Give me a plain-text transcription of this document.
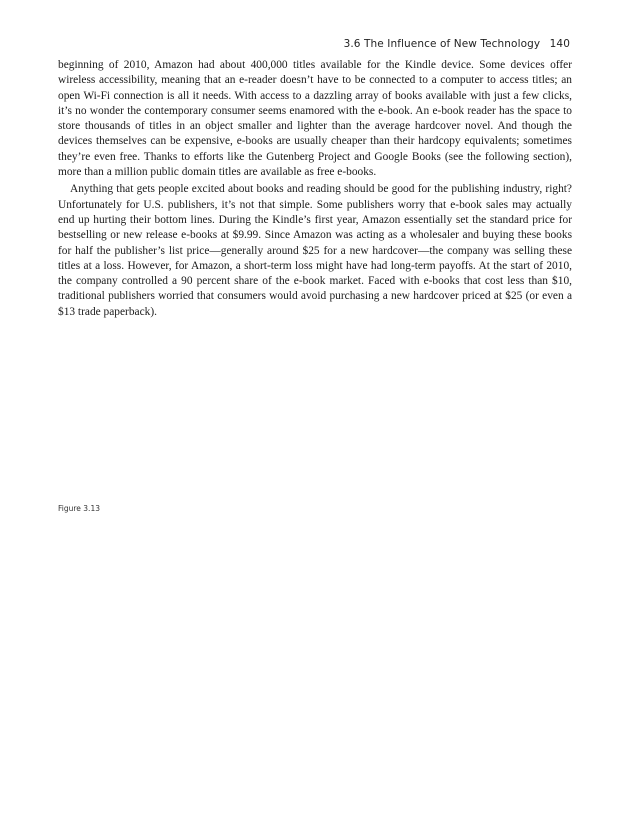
3.6 The Influence of New Technology 140

beginning of 2010, Amazon had about 400,000 titles available for the Kindle device. Some devices offer wireless accessibility, meaning that an e-reader doesn’t have to be connected to a computer to access titles; an open Wi-Fi connection is all it needs. With access to a dazzling array of books available with just a few clicks, it’s no wonder the contemporary consumer seems enamored with the e-book. An e-book reader has the space to store thousands of titles in an object smaller and lighter than the average hardcover novel. And though the devices themselves can be expensive, e-books are usually cheaper than their hardcopy equivalents; sometimes they’re even free. Thanks to efforts like the Gutenberg Project and Google Books (see the following section), more than a million public domain titles are available as free e-books.

Anything that gets people excited about books and reading should be good for the publishing industry, right? Unfortunately for U.S. publishers, it’s not that simple. Some publishers worry that e-book sales may actually end up hurting their bottom lines. During the Kindle’s first year, Amazon essentially set the standard price for bestselling or new release e-books at $9.99. Since Amazon was acting as a wholesaler and buying these books for half the publisher’s list price—generally around $25 for a new hardcover—the company was selling these titles at a loss. However, for Amazon, a short-term loss might have had long-term payoffs. At the start of 2010, the company controlled a 90 percent share of the e-book market. Faced with e-books that cost less than $10, traditional publishers worried that consumers would avoid purchasing a new hardcover priced at $25 (or even a $13 trade paperback).

Figure 3.13
